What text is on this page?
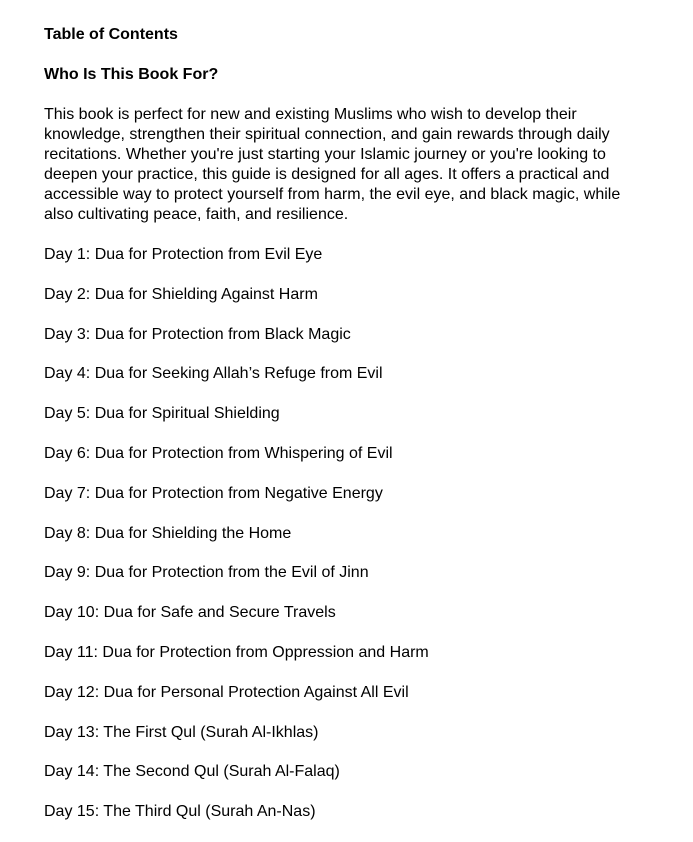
Table of Contents
Who Is This Book For?

This book is perfect for new and existing Muslims who wish to develop their knowledge, strengthen their spiritual connection, and gain rewards through daily recitations. Whether you're just starting your Islamic journey or you're looking to deepen your practice, this guide is designed for all ages. It offers a practical and accessible way to protect yourself from harm, the evil eye, and black magic, while also cultivating peace, faith, and resilience.

Day 1: Dua for Protection from Evil Eye
Day 2: Dua for Shielding Against Harm
Day 3: Dua for Protection from Black Magic
Day 4: Dua for Seeking Allah’s Refuge from Evil
Day 5: Dua for Spiritual Shielding
Day 6: Dua for Protection from Whispering of Evil
Day 7: Dua for Protection from Negative Energy
Day 8: Dua for Shielding the Home
Day 9: Dua for Protection from the Evil of Jinn
Day 10: Dua for Safe and Secure Travels
Day 11: Dua for Protection from Oppression and Harm
Day 12: Dua for Personal Protection Against All Evil
Day 13: The First Qul (Surah Al-Ikhlas)
Day 14: The Second Qul (Surah Al-Falaq)
Day 15: The Third Qul (Surah An-Nas)
